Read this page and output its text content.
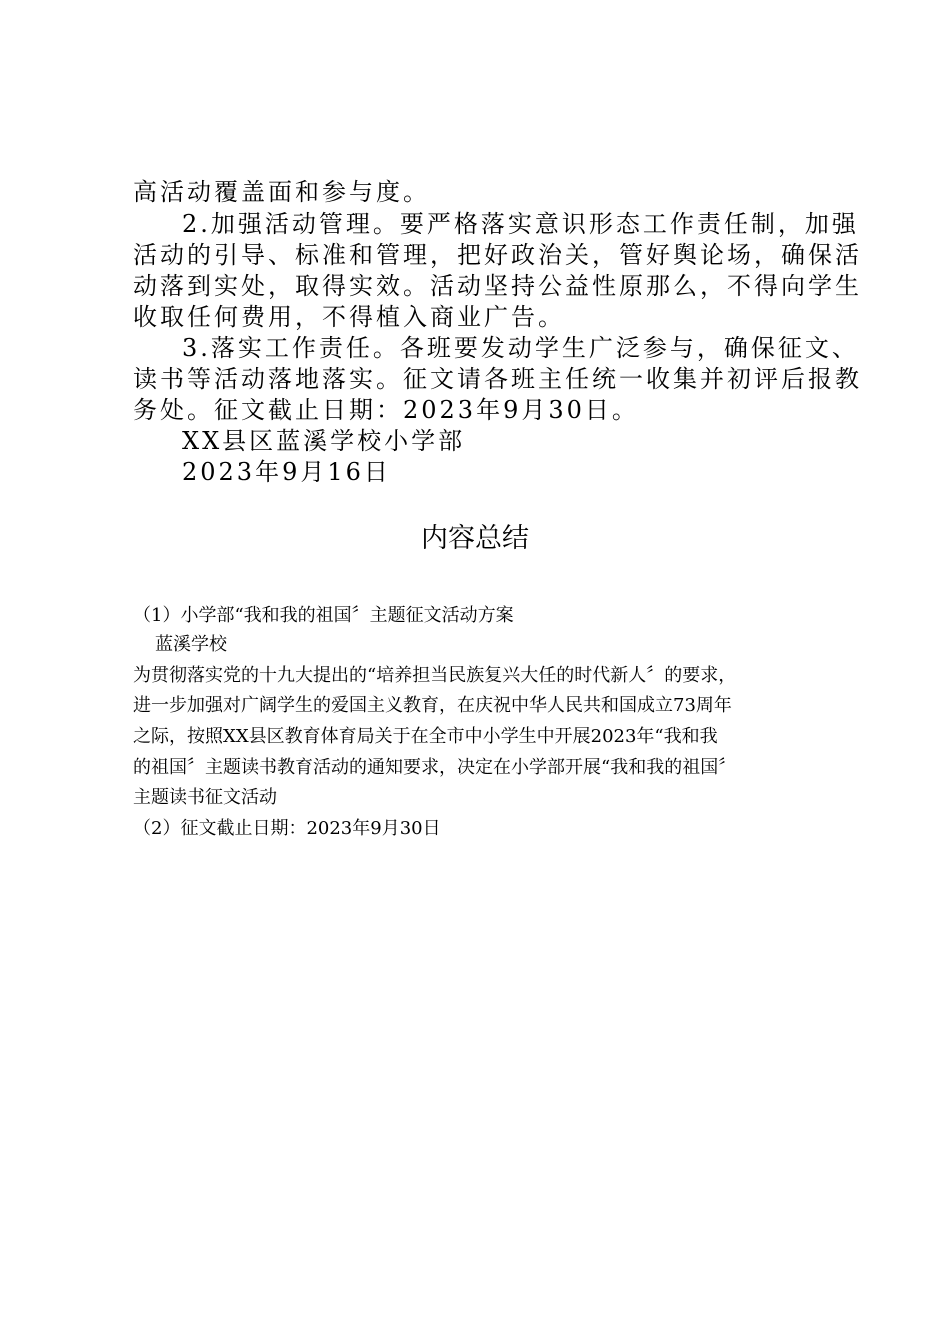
高活动覆盖面和参与度。
2.加强活动管理。要严格落实意识形态工作责任制，加强
活动的引导、标准和管理，把好政治关，管好舆论场，确保活
动落到实处，取得实效。活动坚持公益性原那么，不得向学生
收取任何费用，不得植入商业广告。
3.落实工作责任。各班要发动学生广泛参与，确保征文、
读书等活动落地落实。征文请各班主任统一收集并初评后报教
务处。征文截止日期：2023年9月30日。
XX县区蓝溪学校小学部
2023年9月16日
内容总结
（1）小学部“我和我的祖国〞主题征文活动方案
蓝溪学校
为贯彻落实党的十九大提出的“培养担当民族复兴大任的时代新人〞的要求，
进一步加强对广阔学生的爱国主义教育，在庆祝中华人民共和国成立73周年
之际，按照XX县区教育体育局关于在全市中小学生中开展2023年“我和我
的祖国〞主题读书教育活动的通知要求，决定在小学部开展“我和我的祖国〞
主题读书征文活动
（2）征文截止日期：2023年9月30日
